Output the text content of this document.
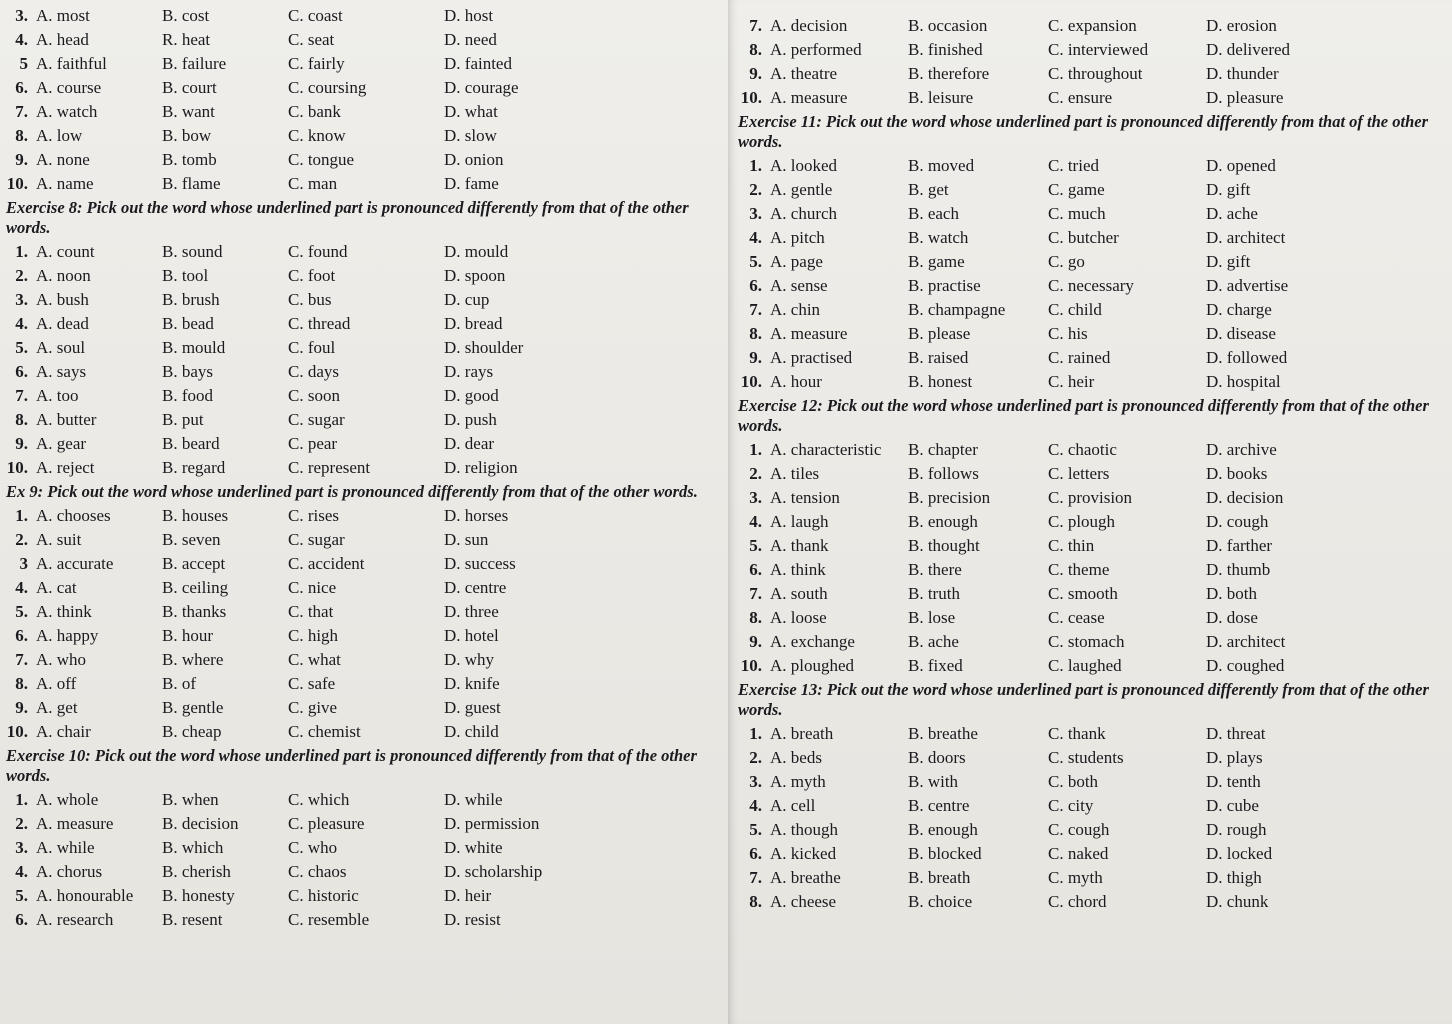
3. A. most	B. cost	C. coast	D. host
4. A. head	R. heat	C. seat	D. need
5 A. faithful	B. failure	C. fairly	D. fainted
6. A. course	B. court	C. coursing	D. courage
7. A. watch	B. want	C. bank	D. what
8. A. low	B. bow	C. know	D. slow
9. A. none	B. tomb	C. tongue	D. onion
10. A. name	B. flame	C. man	D. fame
Exercise 8: Pick out the word whose underlined part is pronounced differently from that of the other words.
1. A. count	B. sound	C. found	D. mould
2. A. noon	B. tool	C. foot	D. spoon
3. A. bush	B. brush	C. bus	D. cup
4. A. dead	B. bead	C. thread	D. bread
5. A. soul	B. mould	C. foul	D. shoulder
6. A. says	B. bays	C. days	D. rays
7. A. too	B. food	C. soon	D. good
8. A. butter	B. put	C. sugar	D. push
9. A. gear	B. beard	C. pear	D. dear
10. A. reject	B. regard	C. represent	D. religion
Ex 9: Pick out the word whose underlined part is pronounced differently from that of the other words.
1. A. chooses	B. houses	C. rises	D. horses
2. A. suit	B. seven	C. sugar	D. sun
3 A. accurate	B. accept	C. accident	D. success
4. A. cat	B. ceiling	C. nice	D. centre
5. A. think	B. thanks	C. that	D. three
6. A. happy	B. hour	C. high	D. hotel
7. A. who	B. where	C. what	D. why
8. A. off	B. of	C. safe	D. knife
9. A. get	B. gentle	C. give	D. guest
10. A. chair	B. cheap	C. chemist	D. child
Exercise 10: Pick out the word whose underlined part is pronounced differently from that of the other words.
1. A. whole	B. when	C. which	D. while
2. A. measure	B. decision	C. pleasure	D. permission
3. A. while	B. which	C. who	D. white
4. A. chorus	B. cherish	C. chaos	D. scholarship
5. A. honourable	B. honesty	C. historic	D. heir
6. A. research	B. resent	C. resemble	D. resist
7. A. decision	B. occasion	C. expansion	D. erosion
8. A. performed	B. finished	C. interviewed	D. delivered
9. A. theatre	B. therefore	C. throughout	D. thunder
10. A. measure	B. leisure	C. ensure	D. pleasure
Exercise 11: Pick out the word whose underlined part is pronounced differently from that of the other words.
1. A. looked	B. moved	C. tried	D. opened
2. A. gentle	B. get	C. game	D. gift
3. A. church	B. each	C. much	D. ache
4. A. pitch	B. watch	C. butcher	D. architect
5. A. page	B. game	C. go	D. gift
6. A. sense	B. practise	C. necessary	D. advertise
7. A. chin	B. champagne	C. child	D. charge
8. A. measure	B. please	C. his	D. disease
9. A. practised	B. raised	C. rained	D. followed
10. A. hour	B. honest	C. heir	D. hospital
Exercise 12: Pick out the word whose underlined part is pronounced differently from that of the other words.
1. A. characteristic	B. chapter	C. chaotic	D. archive
2. A. tiles	B. follows	C. letters	D. books
3. A. tension	B. precision	C. provision	D. decision
4. A. laugh	B. enough	C. plough	D. cough
5. A. thank	B. thought	C. thin	D. farther
6. A. think	B. there	C. theme	D. thumb
7. A. south	B. truth	C. smooth	D. both
8. A. loose	B. lose	C. cease	D. dose
9. A. exchange	B. ache	C. stomach	D. architect
10. A. ploughed	B. fixed	C. laughed	D. coughed
Exercise 13: Pick out the word whose underlined part is pronounced differently from that of the other words.
1. A. breath	B. breathe	C. thank	D. threat
2. A. beds	B. doors	C. students	D. plays
3. A. myth	B. with	C. both	D. tenth
4. A. cell	B. centre	C. city	D. cube
5. A. though	B. enough	C. cough	D. rough
6. A. kicked	B. blocked	C. naked	D. locked
7. A. breathe	B. breath	C. myth	D. thigh
8. A. cheese	B. choice	C. chord	D. chunk
